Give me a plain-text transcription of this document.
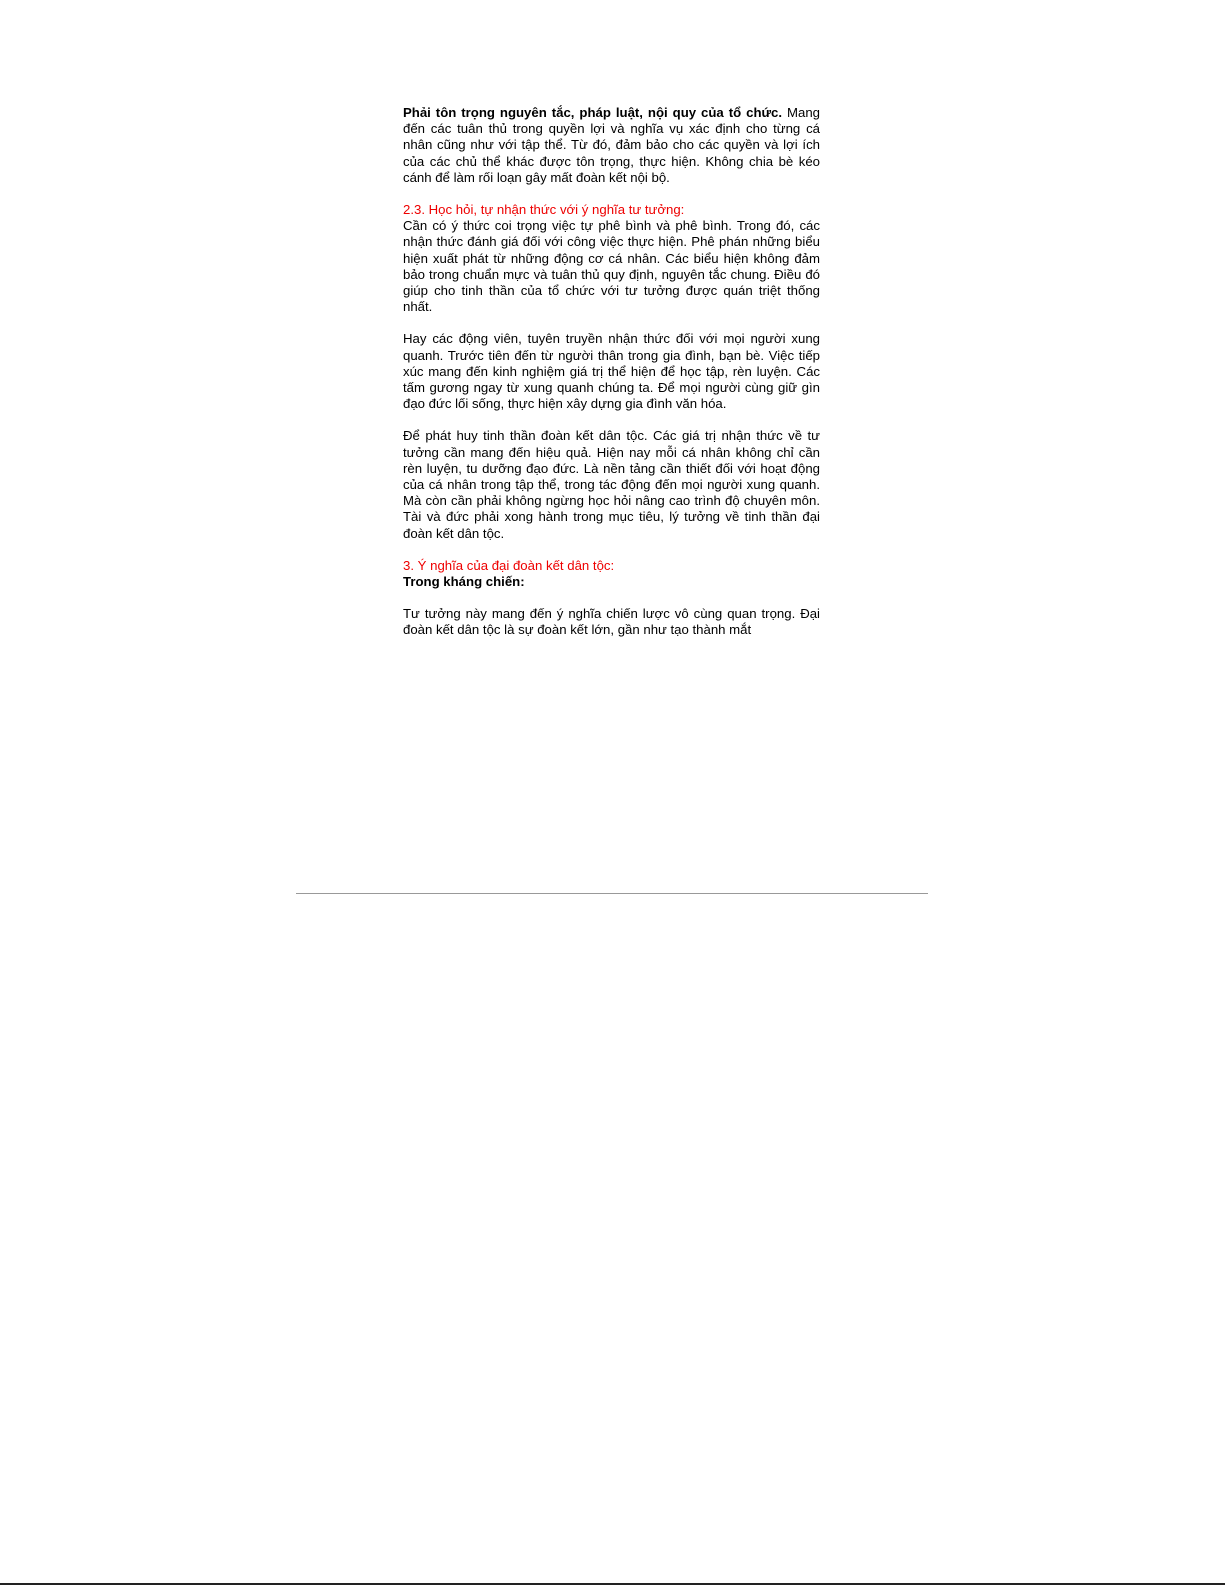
Phải tôn trọng nguyên tắc, pháp luật, nội quy của tổ chức. Mang đến các tuân thủ trong quyền lợi và nghĩa vụ xác định cho từng cá nhân cũng như với tập thể. Từ đó, đảm bảo cho các quyền và lợi ích của các chủ thể khác được tôn trọng, thực hiện. Không chia bè kéo cánh để làm rối loạn gây mất đoàn kết nội bộ.

2.3. Học hỏi, tự nhận thức với ý nghĩa tư tưởng:

Cần có ý thức coi trọng việc tự phê bình và phê bình. Trong đó, các nhận thức đánh giá đối với công việc thực hiện. Phê phán những biểu hiện xuất phát từ những động cơ cá nhân. Các biểu hiện không đảm bảo trong chuẩn mực và tuân thủ quy định, nguyên tắc chung. Điều đó giúp cho tinh thần của tổ chức với tư tưởng được quán triệt thống nhất.

Hay các động viên, tuyên truyền nhận thức đối với mọi người xung quanh. Trước tiên đến từ người thân trong gia đình, bạn bè. Việc tiếp xúc mang đến kinh nghiệm giá trị thể hiện để học tập, rèn luyện. Các tấm gương ngay từ xung quanh chúng ta. Để mọi người cùng giữ gìn đạo đức lối sống, thực hiện xây dựng gia đình văn hóa.

Để phát huy tinh thần đoàn kết dân tộc. Các giá trị nhận thức về tư tưởng cần mang đến hiệu quả. Hiện nay mỗi cá nhân không chỉ cần rèn luyện, tu dưỡng đạo đức. Là nền tảng cần thiết đối với hoạt động của cá nhân trong tập thể, trong tác động đến mọi người xung quanh. Mà còn cần phải không ngừng học hỏi nâng cao trình độ chuyên môn. Tài và đức phải xong hành trong mục tiêu, lý tưởng về tinh thần đại đoàn kết dân tộc.

3. Ý nghĩa của đại đoàn kết dân tộc:

Trong kháng chiến:

Tư tưởng này mang đến ý nghĩa chiến lược vô cùng quan trọng. Đại đoàn kết dân tộc là sự đoàn kết lớn, gần như tạo thành mắt
